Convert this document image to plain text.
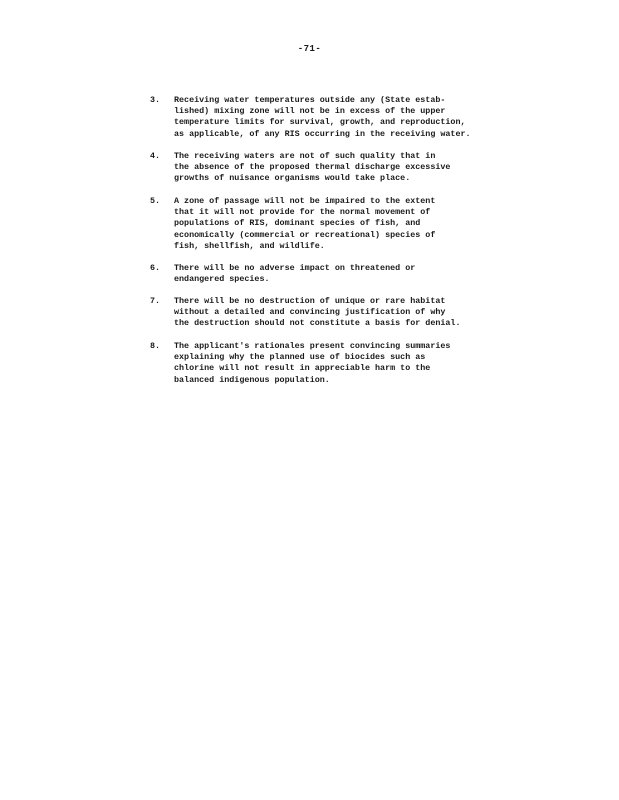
-71-
3.	Receiving water temperatures outside any (State estab-
lished) mixing zone will not be in excess of the upper
temperature limits for survival, growth, and reproduction,
as applicable, of any RIS occurring in the receiving water.
4.	The receiving waters are not of such quality that in
the absence of the proposed thermal discharge excessive
growths of nuisance organisms would take place.
5.	A zone of passage will not be impaired to the extent
that it will not provide for the normal movement of
populations of RIS, dominant species of fish, and
economically (commercial or recreational) species of
fish, shellfish, and wildlife.
6.	There will be no adverse impact on threatened or
endangered species.
7.	There will be no destruction of unique or rare habitat
without a detailed and convincing justification of why
the destruction should not constitute a basis for denial.
8.	The applicant's rationales present convincing summaries
explaining why the planned use of biocides such as
chlorine will not result in appreciable harm to the
balanced indigenous population.
